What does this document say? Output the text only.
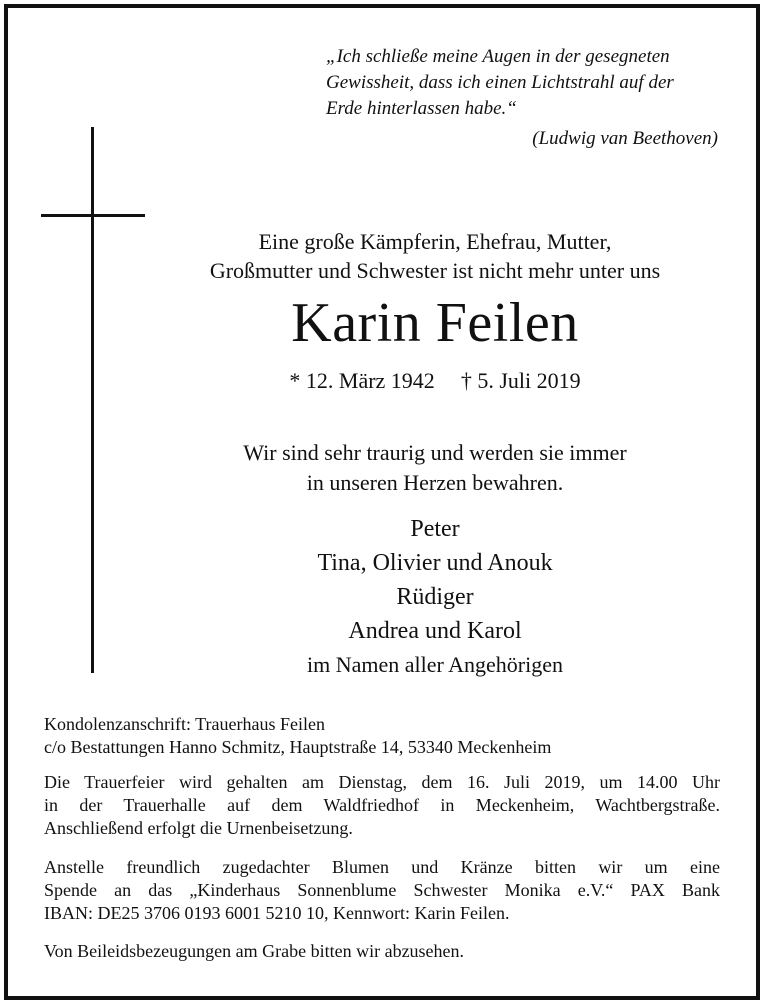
„Ich schließe meine Augen in der gesegneten
Gewissheit, dass ich einen Lichtstrahl auf der
Erde hinterlassen habe.“
(Ludwig van Beethoven)
Eine große Kämpferin, Ehefrau, Mutter,
Großmutter und Schwester ist nicht mehr unter uns
Karin Feilen
* 12. März 1942 † 5. Juli 2019
Wir sind sehr traurig und werden sie immer
in unseren Herzen bewahren.
Peter
Tina, Olivier und Anouk
Rüdiger
Andrea und Karol
im Namen aller Angehörigen

Kondolenzanschrift: Trauerhaus Feilen

c/o Bestattungen Hanno Schmitz, Hauptstraße 14, 53340 Meckenheim

Die Trauerfeier wird gehalten am Dienstag, dem 16. Juli 2019, um 14.00 Uhr

in der Trauerhalle auf dem Waldfriedhof in Meckenheim, Wachtbergstraße.

Anschließend erfolgt die Urnenbeisetzung.

Anstelle freundlich zugedachter Blumen und Kränze bitten wir um eine

Spende an das „Kinderhaus Sonnenblume Schwester Monika e.V.“ PAX Bank

IBAN: DE25 3706 0193 6001 5210 10, Kennwort: Karin Feilen.

Von Beileidsbezeugungen am Grabe bitten wir abzusehen.
